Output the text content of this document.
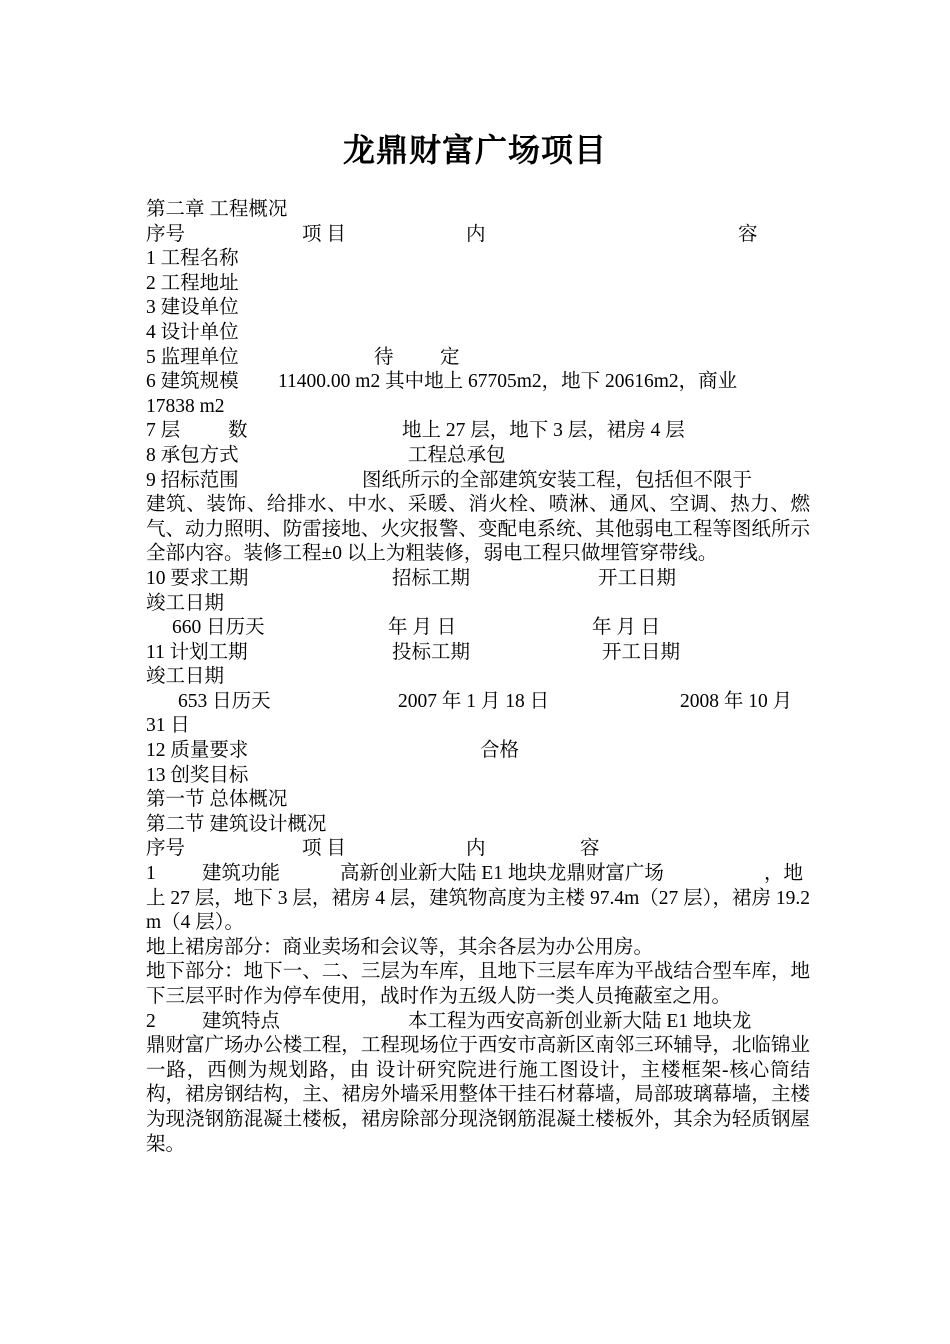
龙鼎财富广场项目
第二章 工程概况
序号	项 目	内	容
1 工程名称
2 工程地址
3 建设单位
4 设计单位
5 监理单位	待 定
6 建筑规模 11400.00 m2 其中地上 67705m2，地下 20616m2，商业
17838 m2
7 层 数	地上 27 层，地下 3 层，裙房 4 层
8 承包方式	工程总承包
9 招标范围	图纸所示的全部建筑安装工程，包括但不限于
建筑、装饰、给排水、中水、采暖、消火栓、喷淋、通风、空调、热力、燃气、动力照明、防雷接地、火灾报警、变配电系统、其他弱电工程等图纸所示全部内容。装修工程±0 以上为粗装修，弱电工程只做埋管穿带线。
10 要求工期	招标工期	开工日期
竣工日期
660 日历天	年 月 日	年 月 日
11 计划工期	投标工期	开工日期
竣工日期
653 日历天	2007 年 1 月 18 日	2008 年 10 月
31 日
12 质量要求	合格
13 创奖目标
第一节 总体概况
第二节 建筑设计概况
序号	项 目	内	容
1 建筑功能	高新创业新大陆 E1 地块龙鼎财富广场	，地
上 27 层，地下 3 层，裙房 4 层，建筑物高度为主楼 97.4m（27 层），裙房 19.2m（4 层）。
地上裙房部分：商业卖场和会议等，其余各层为办公用房。
地下部分：地下一、二、三层为车库，且地下三层车库为平战结合型车库，地下三层平时作为停车使用，战时作为五级人防一类人员掩蔽室之用。
2 建筑特点	本工程为西安高新创业新大陆 E1 地块龙
鼎财富广场办公楼工程，工程现场位于西安市高新区南邻三环辅导，北临锦业一路，西侧为规划路，由 设计研究院进行施工图设计，主楼框架-核心筒结构，裙房钢结构，主、裙房外墙采用整体干挂石材幕墙，局部玻璃幕墙，主楼为现浇钢筋混凝土楼板，裙房除部分现浇钢筋混凝土楼板外，其余为轻质钢屋架。
